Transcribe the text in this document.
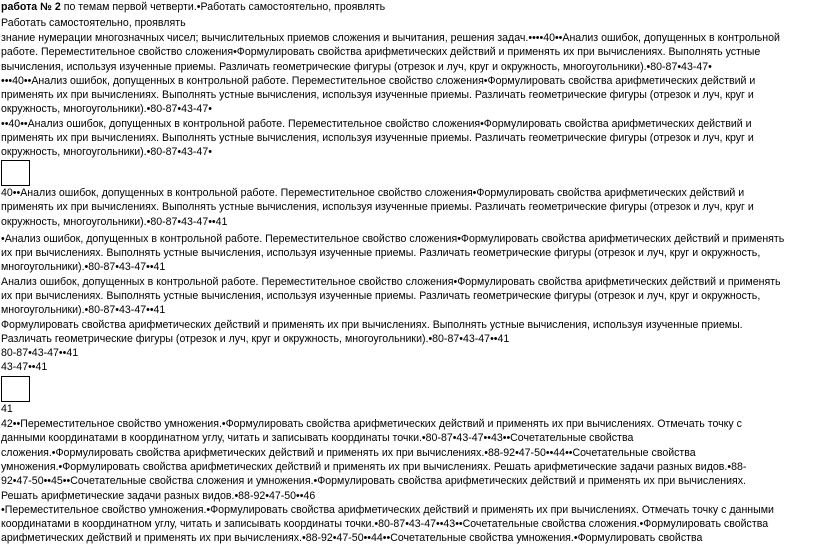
работа № 2 по темам первой четверти.•Работать самостоятельно, проявлять
Работать самостоятельно, проявлять
знание нумерации многозначных чисел; вычислительных приемов сложения и вычитания, решения задач.••••40••Анализ ошибок, допущенных в контрольной
работе. Переместительное свойство сложения•Формулировать свойства арифметических действий и применять их при вычислениях. Выполнять устные
вычисления, используя изученные приемы. Различать геометрические фигуры (отрезок и луч, круг и окружность, многоугольники).•80-87•43-47•
•••40••Анализ ошибок, допущенных в контрольной работе. Переместительное свойство сложения•Формулировать свойства арифметических действий и
применять их при вычислениях. Выполнять устные вычисления, используя изученные приемы. Различать геометрические фигуры (отрезок и луч, круг и
окружность, многоугольники).•80-87•43-47•
••40••Анализ ошибок, допущенных в контрольной работе. Переместительное свойство сложения•Формулировать свойства арифметических действий и
применять их при вычислениях. Выполнять устные вычисления, используя изученные приемы. Различать геометрические фигуры (отрезок и луч, круг и
окружность, многоугольники).•80-87•43-47•
40••Анализ ошибок, допущенных в контрольной работе. Переместительное свойство сложения•Формулировать свойства арифметических действий и
применять их при вычислениях. Выполнять устные вычисления, используя изученные приемы. Различать геометрические фигуры (отрезок и луч, круг и
окружность, многоугольники).•80-87•43-47••41
•Анализ ошибок, допущенных в контрольной работе. Переместительное свойство сложения•Формулировать свойства арифметических действий и применять
их при вычислениях. Выполнять устные вычисления, используя изученные приемы. Различать геометрические фигуры (отрезок и луч, круг и окружность,
многоугольники).•80-87•43-47••41
Анализ ошибок, допущенных в контрольной работе. Переместительное свойство сложения•Формулировать свойства арифметических действий и применять
их при вычислениях. Выполнять устные вычисления, используя изученные приемы. Различать геометрические фигуры (отрезок и луч, круг и окружность,
многоугольники).•80-87•43-47••41
Формулировать свойства арифметических действий и применять их при вычислениях. Выполнять устные вычисления, используя изученные приемы.
Различать геометрические фигуры (отрезок и луч, круг и окружность, многоугольники).•80-87•43-47••41
80-87•43-47••41
43-47••41
41
42••Переместительное свойство умножения.•Формулировать свойства арифметических действий и применять их при вычислениях. Отмечать точку с
данными координатами в координатном углу, читать и записывать координаты точки.•80-87•43-47••43••Сочетательные свойства
сложения.•Формулировать свойства арифметических действий и применять их при вычислениях.•88-92•47-50••44••Сочетательные свойства
умножения.•Формулировать свойства арифметических действий и применять их при вычислениях. Решать арифметические задачи разных видов.•88-
92•47-50••45••Сочетательные свойства сложения и умножения.•Формулировать свойства арифметических действий и применять их при вычислениях.
Решать арифметические задачи разных видов.•88-92•47-50••46
•Переместительное свойство умножения.•Формулировать свойства арифметических действий и применять их при вычислениях. Отмечать точку с данными
координатами в координатном углу, читать и записывать координаты точки.•80-87•43-47••43••Сочетательные свойства сложения.•Формулировать свойства
арифметических действий и применять их при вычислениях.•88-92•47-50••44••Сочетательные свойства умножения.•Формулировать свойства
